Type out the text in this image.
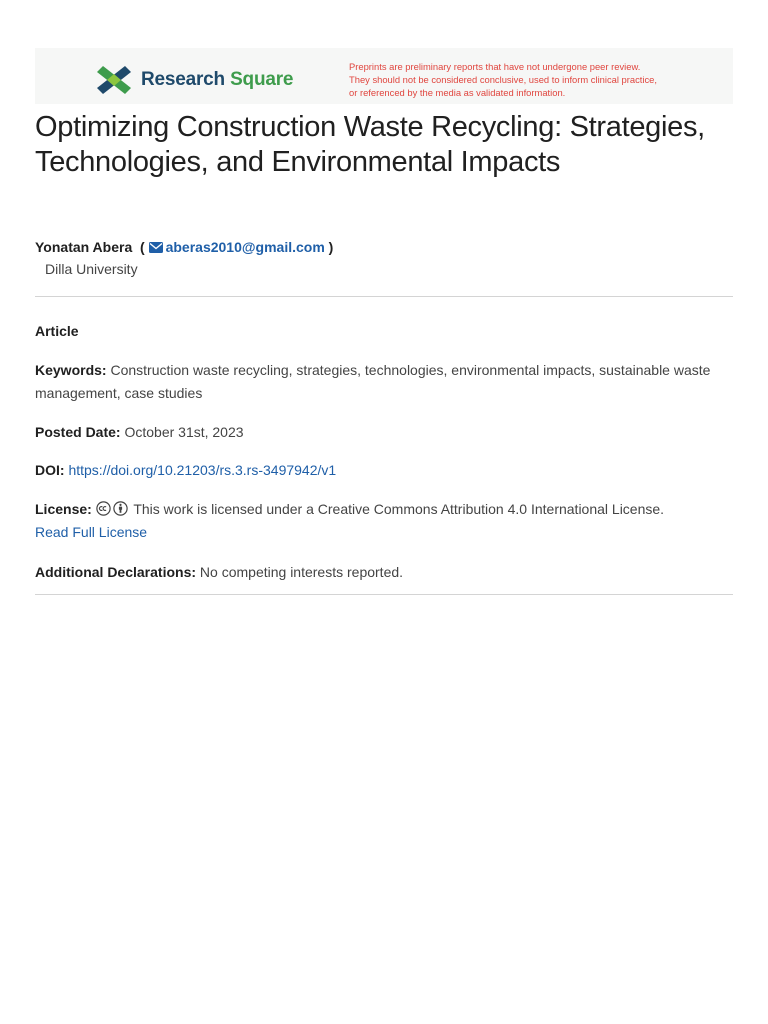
Research Square
Preprints are preliminary reports that have not undergone peer review.
They should not be considered conclusive, used to inform clinical practice,
or referenced by the media as validated information.
Optimizing Construction Waste Recycling: Strategies, Technologies, and Environmental Impacts
Yonatan Abera ( aberas2010@gmail.com )
Dilla University
Article
Keywords: Construction waste recycling, strategies, technologies, environmental impacts, sustainable waste management, case studies
Posted Date: October 31st, 2023
DOI: https://doi.org/10.21203/rs.3.rs-3497942/v1
License:	This work is licensed under a Creative Commons Attribution 4.0 International License.
Read Full License
Additional Declarations: No competing interests reported.
